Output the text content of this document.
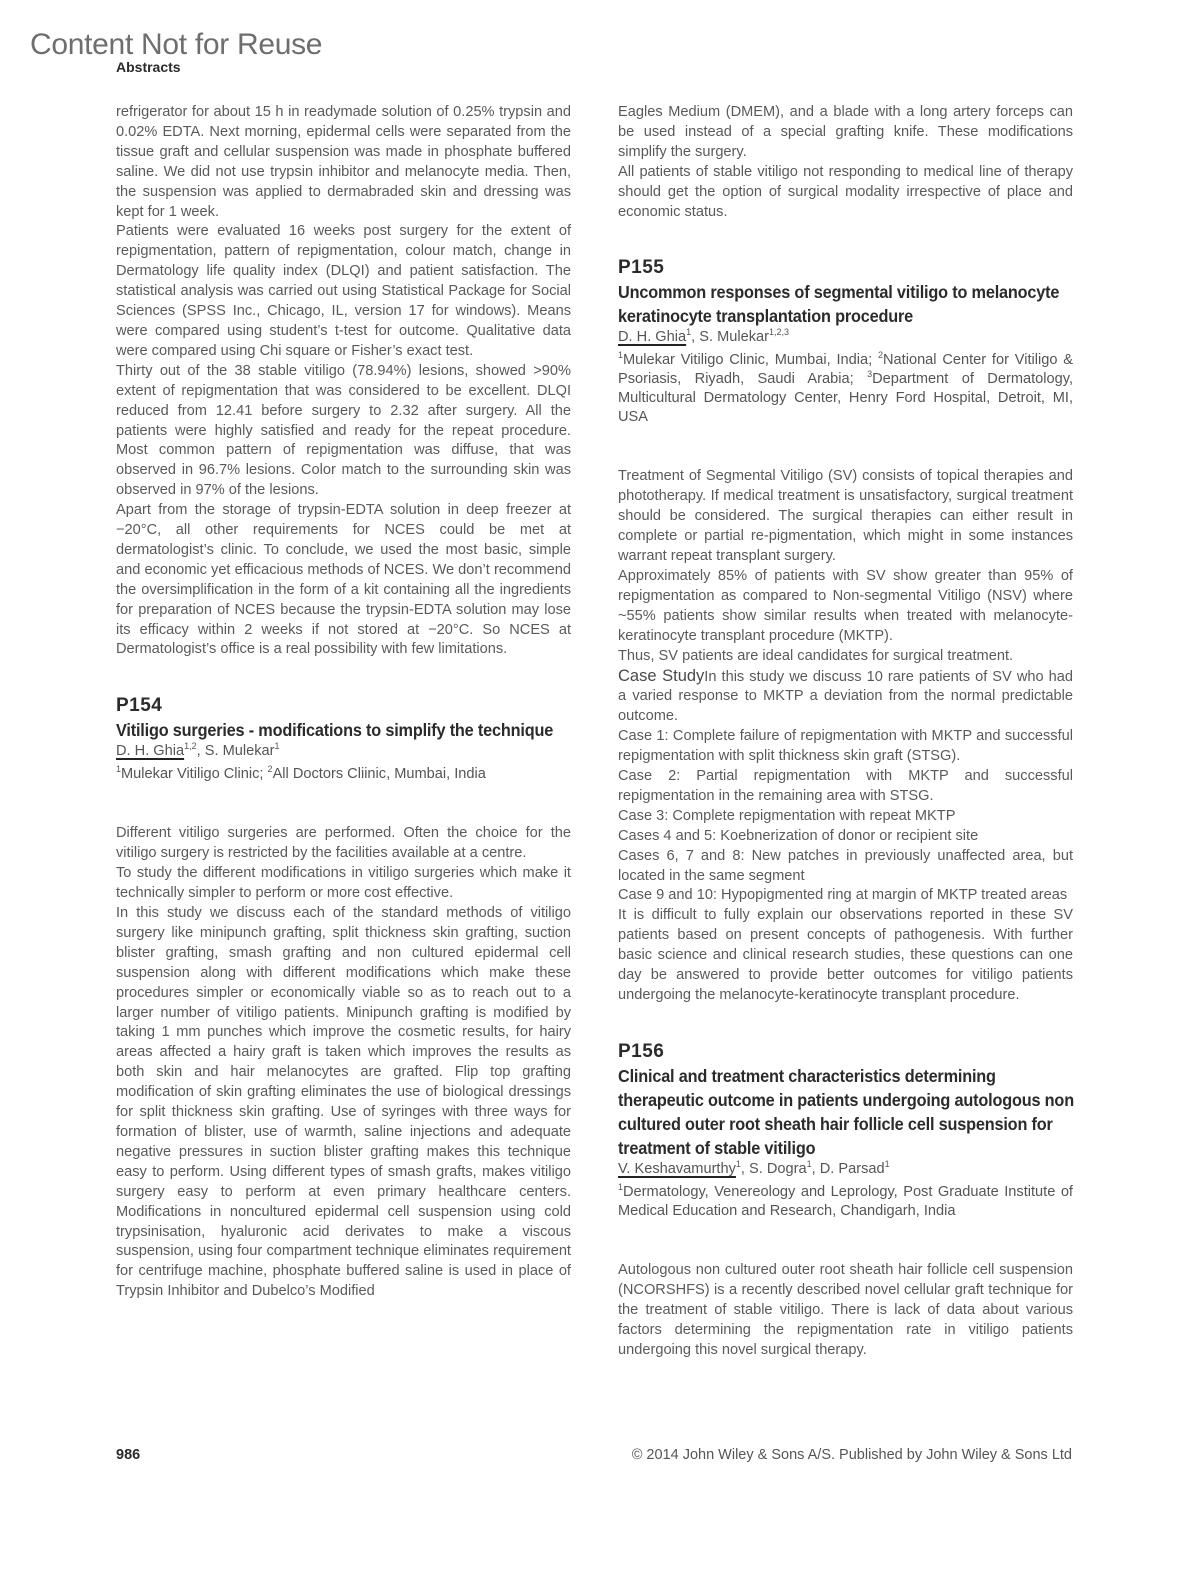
Content Not for Reuse
Abstracts

refrigerator for about 15 h in readymade solution of 0.25% trypsin and 0.02% EDTA. Next morning, epidermal cells were separated from the tissue graft and cellular suspension was made in phosphate buffered saline. We did not use trypsin inhibitor and melanocyte media. Then, the suspension was applied to dermabraded skin and dressing was kept for 1 week.

Patients were evaluated 16 weeks post surgery for the extent of repigmentation, pattern of repigmentation, colour match, change in Dermatology life quality index (DLQI) and patient satisfaction. The statistical analysis was carried out using Statistical Package for Social Sciences (SPSS Inc., Chicago, IL, version 17 for windows). Means were compared using student’s t-test for outcome. Qualitative data were compared using Chi square or Fisher’s exact test.

Thirty out of the 38 stable vitiligo (78.94%) lesions, showed >90% extent of repigmentation that was considered to be excellent. DLQI reduced from 12.41 before surgery to 2.32 after surgery. All the patients were highly satisfied and ready for the repeat procedure. Most common pattern of repigmentation was diffuse, that was observed in 96.7% lesions. Color match to the surrounding skin was observed in 97% of the lesions.

Apart from the storage of trypsin-EDTA solution in deep freezer at −20°C, all other requirements for NCES could be met at dermatologist’s clinic. To conclude, we used the most basic, simple and economic yet efficacious methods of NCES. We don’t recommend the oversimplification in the form of a kit containing all the ingredients for preparation of NCES because the trypsin-EDTA solution may lose its efficacy within 2 weeks if not stored at −20°C. So NCES at Dermatologist’s office is a real possibility with few limitations.

P154
Vitiligo surgeries - modifications to simplify the technique
D. H. Ghia$^{1,2}$, S. Mulekar$^1$
$^1$Mulekar Vitiligo Clinic; $^2$All Doctors Cliinic, Mumbai, India

Different vitiligo surgeries are performed. Often the choice for the vitiligo surgery is restricted by the facilities available at a centre.

To study the different modifications in vitiligo surgeries which make it technically simpler to perform or more cost effective.

In this study we discuss each of the standard methods of vitiligo surgery like minipunch grafting, split thickness skin grafting, suction blister grafting, smash grafting and non cultured epidermal cell suspension along with different modifications which make these procedures simpler or economically viable so as to reach out to a larger number of vitiligo patients. Minipunch grafting is modified by taking 1 mm punches which improve the cosmetic results, for hairy areas affected a hairy graft is taken which improves the results as both skin and hair melanocytes are grafted. Flip top grafting modification of skin grafting eliminates the use of biological dressings for split thickness skin grafting. Use of syringes with three ways for formation of blister, use of warmth, saline injections and adequate negative pressures in suction blister grafting makes this technique easy to perform. Using different types of smash grafts, makes vitiligo surgery easy to perform at even primary healthcare centers. Modifications in noncultured epidermal cell suspension using cold trypsinisation, hyaluronic acid derivates to make a viscous suspension, using four compartment technique eliminates requirement for centrifuge machine, phosphate buffered saline is used in place of Trypsin Inhibitor and Dubelco’s Modified

Eagles Medium (DMEM), and a blade with a long artery forceps can be used instead of a special grafting knife. These modifications simplify the surgery.

All patients of stable vitiligo not responding to medical line of therapy should get the option of surgical modality irrespective of place and economic status.

P155
Uncommon responses of segmental vitiligo to melanocyte keratinocyte transplantation procedure
D. H. Ghia$^1$, S. Mulekar$^{1,2,3}$
$^1$Mulekar Vitiligo Clinic, Mumbai, India; $^2$National Center for Vitiligo & Psoriasis, Riyadh, Saudi Arabia; $^3$Department of Dermatology, Multicultural Dermatology Center, Henry Ford Hospital, Detroit, MI, USA

Treatment of Segmental Vitiligo (SV) consists of topical therapies and phototherapy. If medical treatment is unsatisfactory, surgical treatment should be considered. The surgical therapies can either result in complete or partial re-pigmentation, which might in some instances warrant repeat transplant surgery.

Approximately 85% of patients with SV show greater than 95% of repigmentation as compared to Non-segmental Vitiligo (NSV) where ~55% patients show similar results when treated with melanocyte-keratinocyte transplant procedure (MKTP).

Thus, SV patients are ideal candidates for surgical treatment.

Case StudyIn this study we discuss 10 rare patients of SV who had a varied response to MKTP a deviation from the normal predictable outcome.

Case 1: Complete failure of repigmentation with MKTP and successful repigmentation with split thickness skin graft (STSG).

Case 2: Partial repigmentation with MKTP and successful repigmentation in the remaining area with STSG.

Case 3: Complete repigmentation with repeat MKTP

Cases 4 and 5: Koebnerization of donor or recipient site

Cases 6, 7 and 8: New patches in previously unaffected area, but located in the same segment

Case 9 and 10: Hypopigmented ring at margin of MKTP treated areas

It is difficult to fully explain our observations reported in these SV patients based on present concepts of pathogenesis. With further basic science and clinical research studies, these questions can one day be answered to provide better outcomes for vitiligo patients undergoing the melanocyte-keratinocyte transplant procedure.

P156
Clinical and treatment characteristics determining therapeutic outcome in patients undergoing autologous non cultured outer root sheath hair follicle cell suspension for treatment of stable vitiligo
V. Keshavamurthy$^1$, S. Dogra$^1$, D. Parsad$^1$
$^1$Dermatology, Venereology and Leprology, Post Graduate Institute of Medical Education and Research, Chandigarh, India

Autologous non cultured outer root sheath hair follicle cell suspension (NCORSHFS) is a recently described novel cellular graft technique for the treatment of stable vitiligo. There is lack of data about various factors determining the repigmentation rate in vitiligo patients undergoing this novel surgical therapy.

986	© 2014 John Wiley & Sons A/S. Published by John Wiley & Sons Ltd
